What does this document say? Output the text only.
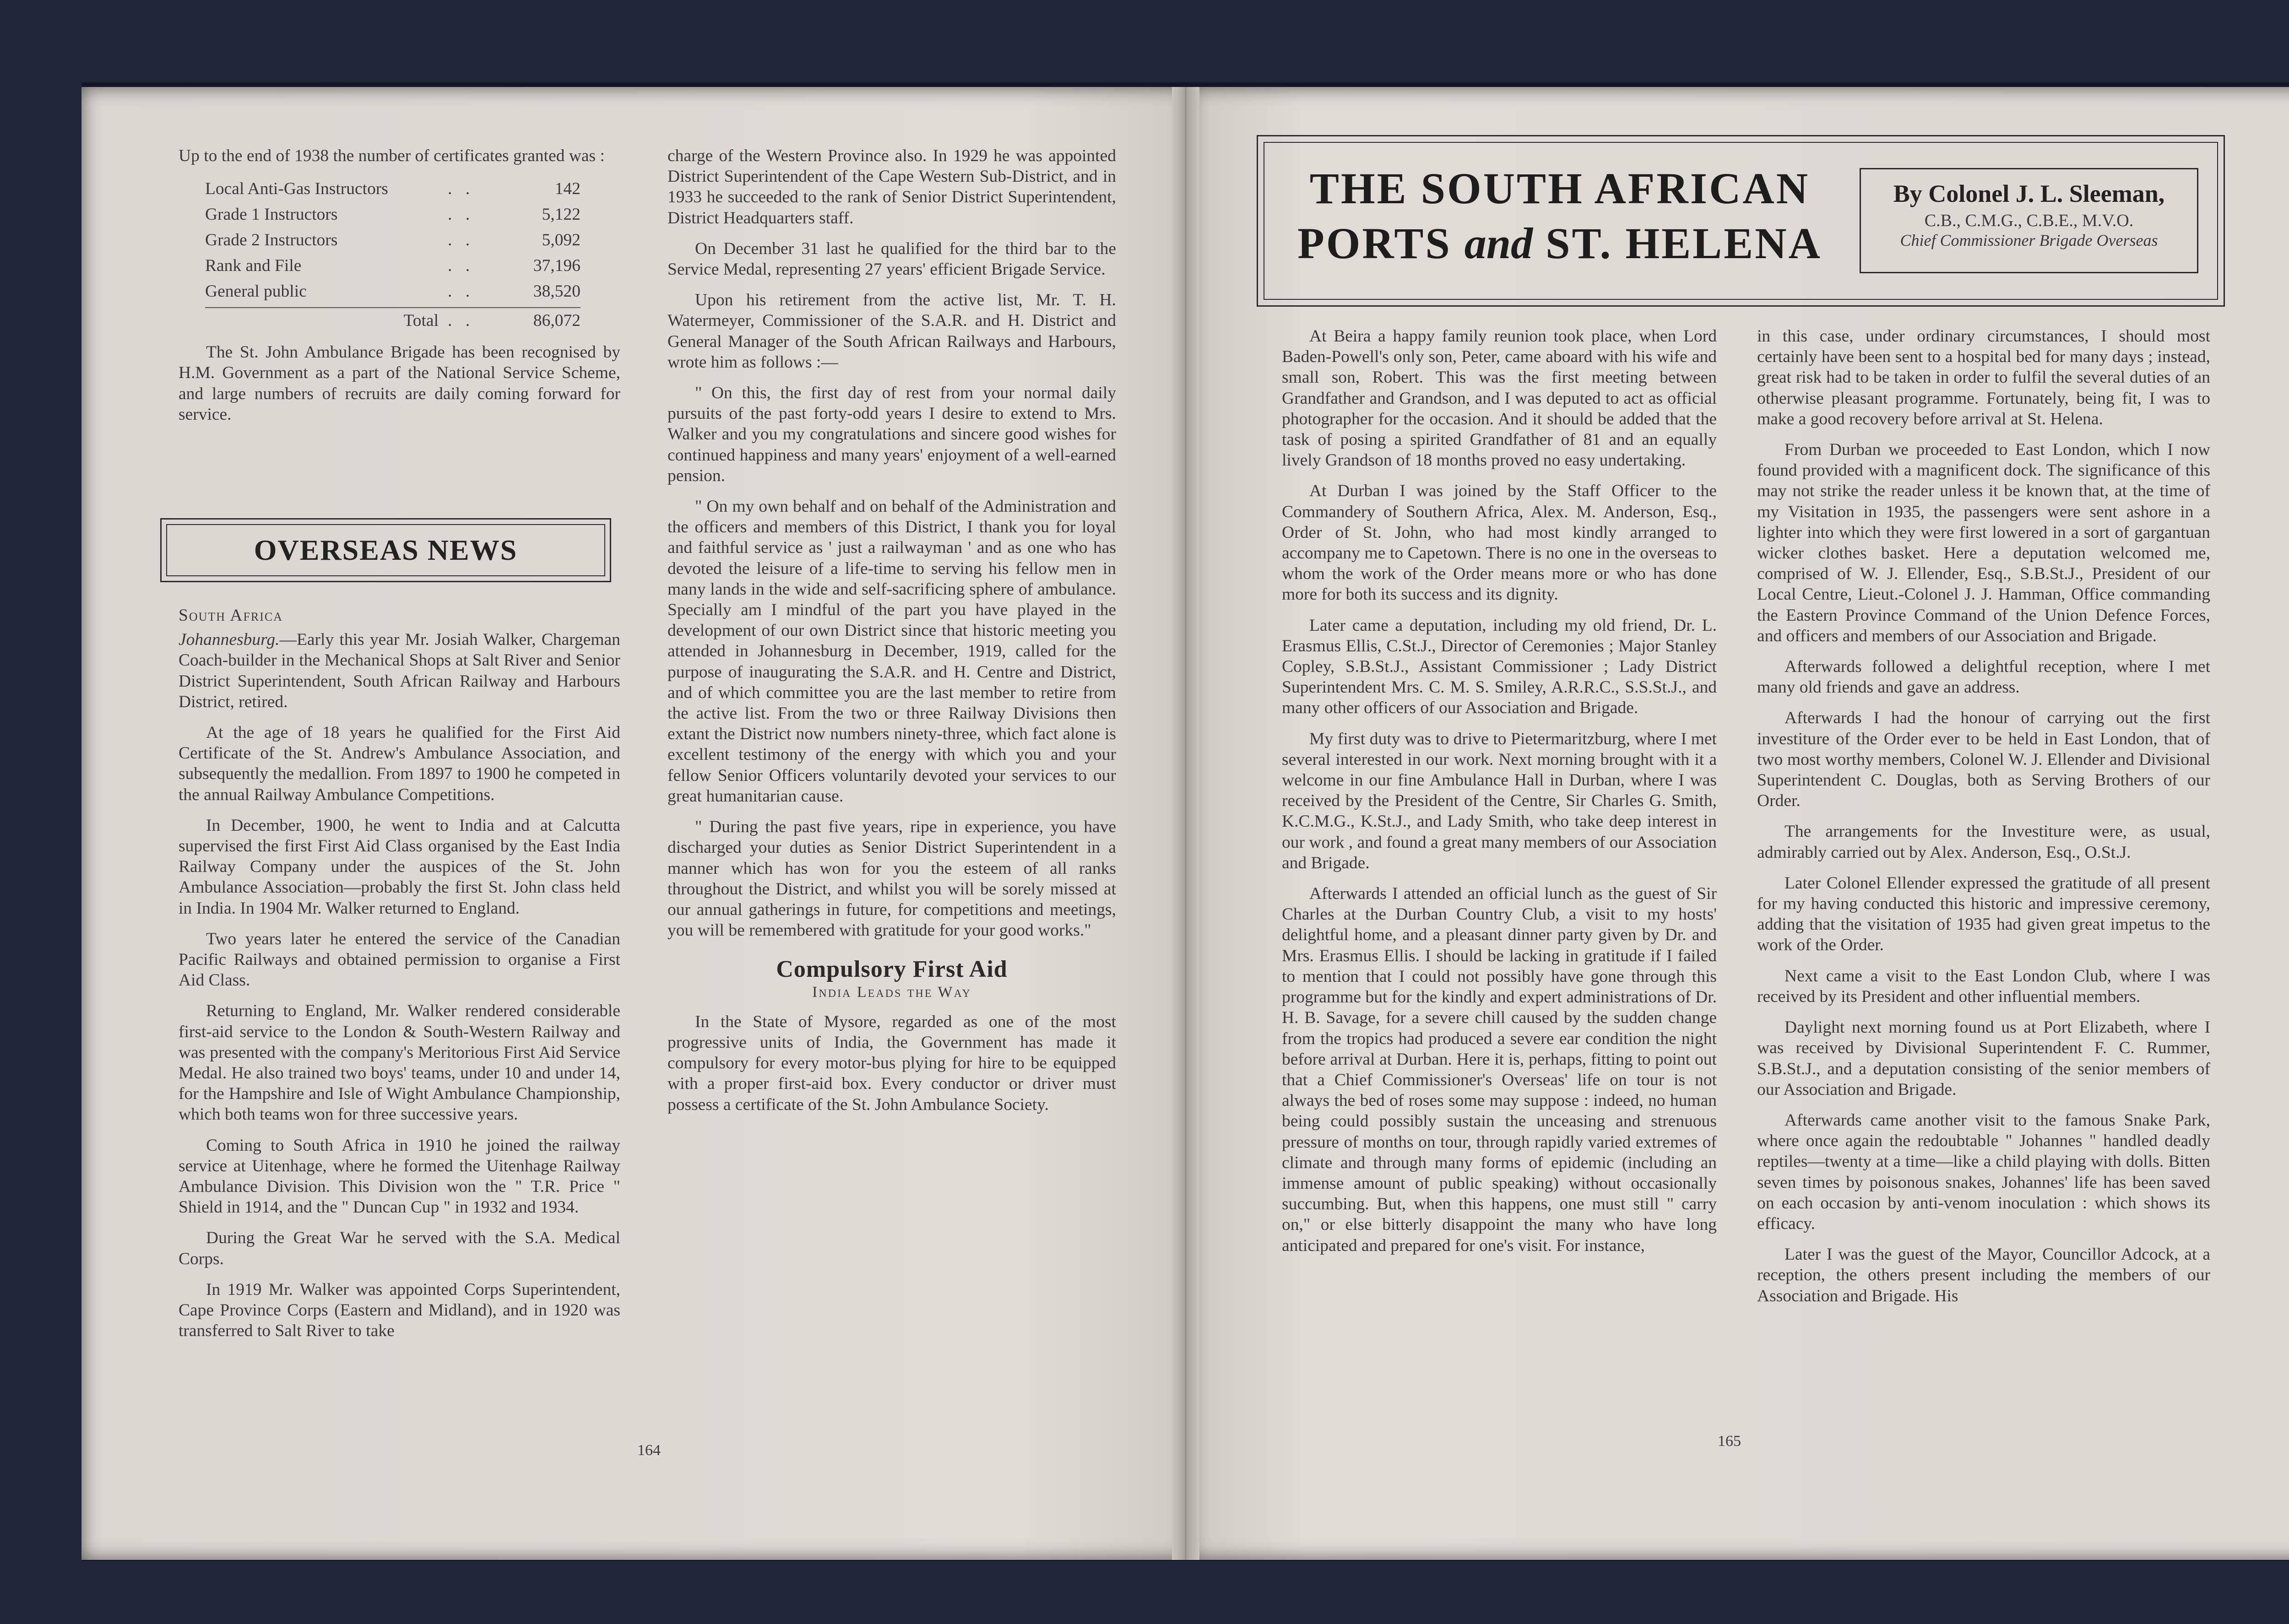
Up to the end of 1938 the number of certificates granted was :

Local Anti-Gas Instructors	. .	142
Grade 1 Instructors	. .	5,122
Grade 2 Instructors	. .	5,092
Rank and File	. .	37,196
General public	. .	38,520
Total . .	86,072

The St. John Ambulance Brigade has been recognised by H.M. Government as a part of the National Service Scheme, and large numbers of recruits are daily coming forward for service.

OVERSEAS NEWS
South Africa

Johannesburg.—Early this year Mr. Josiah Walker, Chargeman Coach-builder in the Mechanical Shops at Salt River and Senior District Superintendent, South African Railway and Harbours District, retired.

At the age of 18 years he qualified for the First Aid Certificate of the St. Andrew's Ambulance Association, and subsequently the medallion. From 1897 to 1900 he competed in the annual Railway Ambulance Competitions.

In December, 1900, he went to India and at Calcutta supervised the first First Aid Class organised by the East India Railway Company under the auspices of the St. John Ambulance Association—probably the first St. John class held in India. In 1904 Mr. Walker returned to England.

Two years later he entered the service of the Canadian Pacific Railways and obtained permission to organise a First Aid Class.

Returning to England, Mr. Walker rendered considerable first-aid service to the London & South-Western Railway and was presented with the company's Meritorious First Aid Service Medal. He also trained two boys' teams, under 10 and under 14, for the Hampshire and Isle of Wight Ambulance Championship, which both teams won for three successive years.

Coming to South Africa in 1910 he joined the railway service at Uitenhage, where he formed the Uitenhage Railway Ambulance Division. This Division won the " T.R. Price " Shield in 1914, and the " Duncan Cup " in 1932 and 1934.

During the Great War he served with the S.A. Medical Corps.

In 1919 Mr. Walker was appointed Corps Superintendent, Cape Province Corps (Eastern and Midland), and in 1920 was transferred to Salt River to take

charge of the Western Province also. In 1929 he was appointed District Superintendent of the Cape Western Sub-District, and in 1933 he succeeded to the rank of Senior District Superintendent, District Headquarters staff.

On December 31 last he qualified for the third bar to the Service Medal, representing 27 years' efficient Brigade Service.

Upon his retirement from the active list, Mr. T. H. Watermeyer, Commissioner of the S.A.R. and H. District and General Manager of the South African Railways and Harbours, wrote him as follows :—

" On this, the first day of rest from your normal daily pursuits of the past forty-odd years I desire to extend to Mrs. Walker and you my congratulations and sincere good wishes for continued happiness and many years' enjoyment of a well-earned pension.

" On my own behalf and on behalf of the Administration and the officers and members of this District, I thank you for loyal and faithful service as ' just a railwayman ' and as one who has devoted the leisure of a life-time to serving his fellow men in many lands in the wide and self-sacrificing sphere of ambulance. Specially am I mindful of the part you have played in the development of our own District since that historic meeting you attended in Johannesburg in December, 1919, called for the purpose of inaugurating the S.A.R. and H. Centre and District, and of which committee you are the last member to retire from the active list. From the two or three Railway Divisions then extant the District now numbers ninety-three, which fact alone is excellent testimony of the energy with which you and your fellow Senior Officers voluntarily devoted your services to our great humanitarian cause.

" During the past five years, ripe in experience, you have discharged your duties as Senior District Superintendent in a manner which has won for you the esteem of all ranks throughout the District, and whilst you will be sorely missed at our annual gatherings in future, for competitions and meetings, you will be remembered with gratitude for your good works."

Compulsory First Aid
India Leads the Way

In the State of Mysore, regarded as one of the most progressive units of India, the Government has made it compulsory for every motor-bus plying for hire to be equipped with a proper first-aid box. Every conductor or driver must possess a certificate of the St. John Ambulance Society.

164
THE SOUTH AFRICAN
PORTS and ST. HELENA
By Colonel J. L. Sleeman,
C.B., C.M.G., C.B.E., M.V.O.
Chief Commissioner Brigade Overseas

At Beira a happy family reunion took place, when Lord Baden-Powell's only son, Peter, came aboard with his wife and small son, Robert. This was the first meeting between Grandfather and Grandson, and I was deputed to act as official photographer for the occasion. And it should be added that the task of posing a spirited Grandfather of 81 and an equally lively Grandson of 18 months proved no easy undertaking.

At Durban I was joined by the Staff Officer to the Commandery of Southern Africa, Alex. M. Anderson, Esq., Order of St. John, who had most kindly arranged to accompany me to Capetown. There is no one in the overseas to whom the work of the Order means more or who has done more for both its success and its dignity.

Later came a deputation, including my old friend, Dr. L. Erasmus Ellis, C.St.J., Director of Ceremonies ; Major Stanley Copley, S.B.St.J., Assistant Commissioner ; Lady District Superintendent Mrs. C. M. S. Smiley, A.R.R.C., S.S.St.J., and many other officers of our Association and Brigade.

My first duty was to drive to Pietermaritzburg, where I met several interested in our work. Next morning brought with it a welcome in our fine Ambulance Hall in Durban, where I was received by the President of the Centre, Sir Charles G. Smith, K.C.M.G., K.St.J., and Lady Smith, who take deep interest in our work , and found a great many members of our Association and Brigade.

Afterwards I attended an official lunch as the guest of Sir Charles at the Durban Country Club, a visit to my hosts' delightful home, and a pleasant dinner party given by Dr. and Mrs. Erasmus Ellis. I should be lacking in gratitude if I failed to mention that I could not possibly have gone through this programme but for the kindly and expert administrations of Dr. H. B. Savage, for a severe chill caused by the sudden change from the tropics had produced a severe ear condition the night before arrival at Durban. Here it is, perhaps, fitting to point out that a Chief Commissioner's Overseas' life on tour is not always the bed of roses some may suppose : indeed, no human being could possibly sustain the unceasing and strenuous pressure of months on tour, through rapidly varied extremes of climate and through many forms of epidemic (including an immense amount of public speaking) without occasionally succumbing. But, when this happens, one must still " carry on," or else bitterly disappoint the many who have long anticipated and prepared for one's visit. For instance,

in this case, under ordinary circumstances, I should most certainly have been sent to a hospital bed for many days ; instead, great risk had to be taken in order to fulfil the several duties of an otherwise pleasant programme. Fortunately, being fit, I was to make a good recovery before arrival at St. Helena.

From Durban we proceeded to East London, which I now found provided with a magnificent dock. The significance of this may not strike the reader unless it be known that, at the time of my Visitation in 1935, the passengers were sent ashore in a lighter into which they were first lowered in a sort of gargantuan wicker clothes basket. Here a deputation welcomed me, comprised of W. J. Ellender, Esq., S.B.St.J., President of our Local Centre, Lieut.-Colonel J. J. Hamman, Office commanding the Eastern Province Command of the Union Defence Forces, and officers and members of our Association and Brigade.

Afterwards followed a delightful reception, where I met many old friends and gave an address.

Afterwards I had the honour of carrying out the first investiture of the Order ever to be held in East London, that of two most worthy members, Colonel W. J. Ellender and Divisional Superintendent C. Douglas, both as Serving Brothers of our Order.

The arrangements for the Investiture were, as usual, admirably carried out by Alex. Anderson, Esq., O.St.J.

Later Colonel Ellender expressed the gratitude of all present for my having conducted this historic and impressive ceremony, adding that the visitation of 1935 had given great impetus to the work of the Order.

Next came a visit to the East London Club, where I was received by its President and other influential members.

Daylight next morning found us at Port Elizabeth, where I was received by Divisional Superintendent F. C. Rummer, S.B.St.J., and a deputation consisting of the senior members of our Association and Brigade.

Afterwards came another visit to the famous Snake Park, where once again the redoubtable " Johannes " handled deadly reptiles—twenty at a time—like a child playing with dolls. Bitten seven times by poisonous snakes, Johannes' life has been saved on each occasion by anti-venom inoculation : which shows its efficacy.

Later I was the guest of the Mayor, Councillor Adcock, at a reception, the others present including the members of our Association and Brigade. His

165
